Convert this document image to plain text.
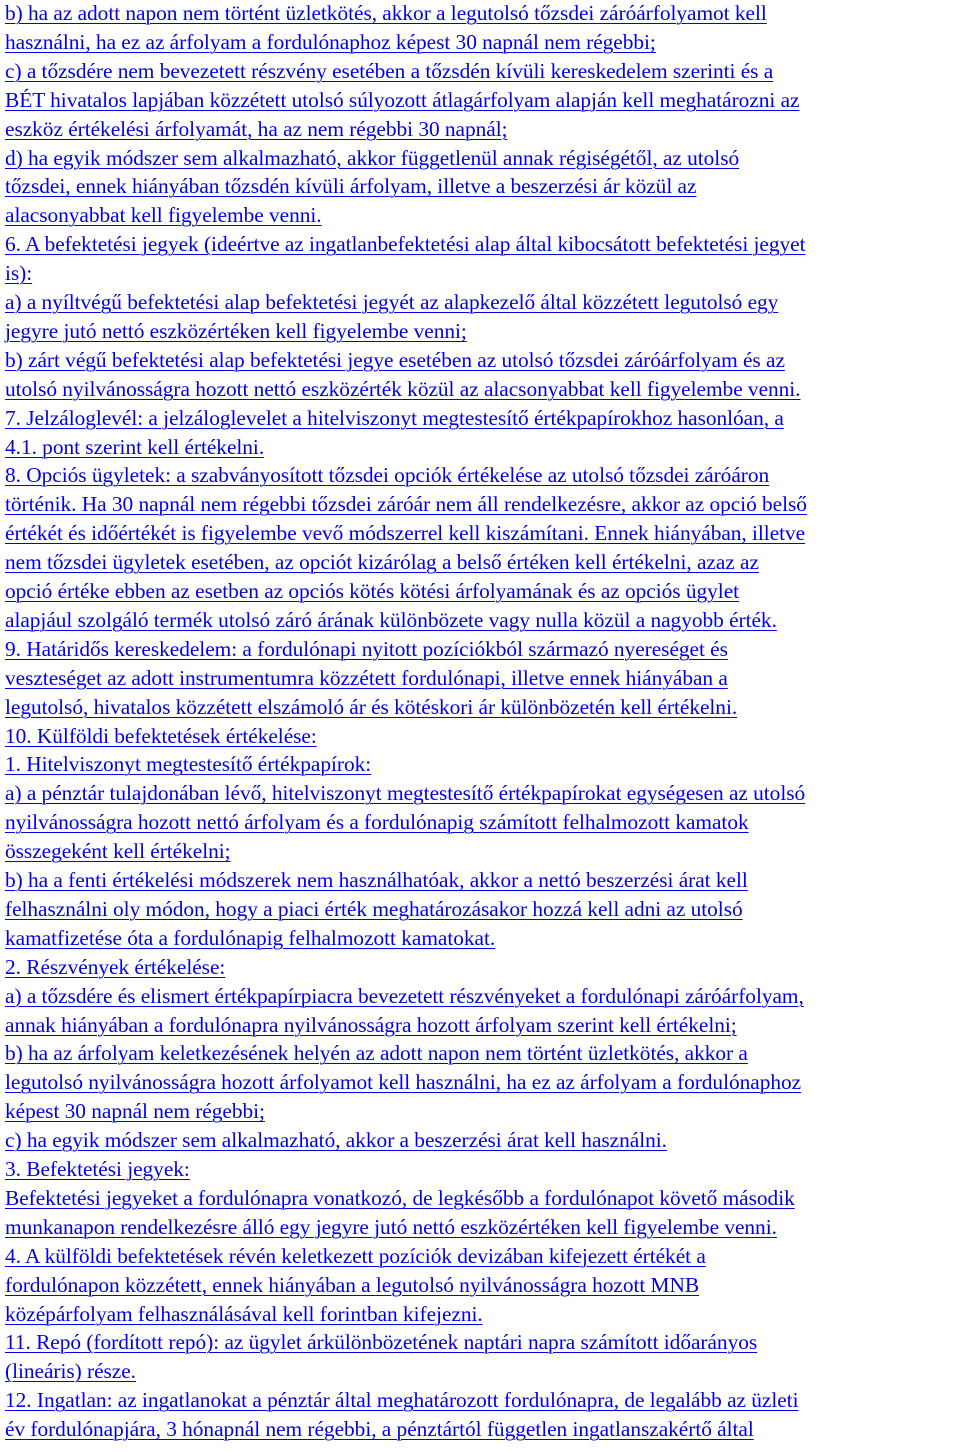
b) ha az adott napon nem történt üzletkötés, akkor a legutolsó tőzsdei záróárfolyamot kell
használni, ha ez az árfolyam a fordulónaphoz képest 30 napnál nem régebbi;
c) a tőzsdére nem bevezetett részvény esetében a tőzsdén kívüli kereskedelem szerinti és a
BÉT hivatalos lapjában közzétett utolsó súlyozott átlagárfolyam alapján kell meghatározni az
eszköz értékelési árfolyamát, ha az nem régebbi 30 napnál;
d) ha egyik módszer sem alkalmazható, akkor függetlenül annak régiségétől, az utolsó
tőzsdei, ennek hiányában tőzsdén kívüli árfolyam, illetve a beszerzési ár közül az
alacsonyabbat kell figyelembe venni.
6. A befektetési jegyek (ideértve az ingatlanbefektetési alap által kibocsátott befektetési jegyet
is):
a) a nyíltvégű befektetési alap befektetési jegyét az alapkezelő által közzétett legutolsó egy
jegyre jutó nettó eszközértéken kell figyelembe venni;
b) zárt végű befektetési alap befektetési jegye esetében az utolsó tőzsdei záróárfolyam és az
utolsó nyilvánosságra hozott nettó eszközérték közül az alacsonyabbat kell figyelembe venni.
7. Jelzáloglevél: a jelzáloglevelet a hitelviszonyt megtestesítő értékpapírokhoz hasonlóan, a
4.1. pont szerint kell értékelni.
8. Opciós ügyletek: a szabványosított tőzsdei opciók értékelése az utolsó tőzsdei záróáron
történik. Ha 30 napnál nem régebbi tőzsdei záróár nem áll rendelkezésre, akkor az opció belső
értékét és időértékét is figyelembe vevő módszerrel kell kiszámítani. Ennek hiányában, illetve
nem tőzsdei ügyletek esetében, az opciót kizárólag a belső értéken kell értékelni, azaz az
opció értéke ebben az esetben az opciós kötés kötési árfolyamának és az opciós ügylet
alapjául szolgáló termék utolsó záró árának különbözete vagy nulla közül a nagyobb érték.
9. Határidős kereskedelem: a fordulónapi nyitott pozíciókból származó nyereséget és
veszteséget az adott instrumentumra közzétett fordulónapi, illetve ennek hiányában a
legutolsó, hivatalos közzétett elszámoló ár és kötéskori ár különbözetén kell értékelni.
10. Külföldi befektetések értékelése:
1. Hitelviszonyt megtestesítő értékpapírok:
a) a pénztár tulajdonában lévő, hitelviszonyt megtestesítő értékpapírokat egységesen az utolsó
nyilvánosságra hozott nettó árfolyam és a fordulónapig számított felhalmozott kamatok
összegeként kell értékelni;
b) ha a fenti értékelési módszerek nem használhatóak, akkor a nettó beszerzési árat kell
felhasználni oly módon, hogy a piaci érték meghatározásakor hozzá kell adni az utolsó
kamatfizetése óta a fordulónapig felhalmozott kamatokat.
2. Részvények értékelése:
a) a tőzsdére és elismert értékpapírpiacra bevezetett részvényeket a fordulónapi záróárfolyam,
annak hiányában a fordulónapra nyilvánosságra hozott árfolyam szerint kell értékelni;
b) ha az árfolyam keletkezésének helyén az adott napon nem történt üzletkötés, akkor a
legutolsó nyilvánosságra hozott árfolyamot kell használni, ha ez az árfolyam a fordulónaphoz
képest 30 napnál nem régebbi;
c) ha egyik módszer sem alkalmazható, akkor a beszerzési árat kell használni.
3. Befektetési jegyek:
Befektetési jegyeket a fordulónapra vonatkozó, de legkésőbb a fordulónapot követő második
munkanapon rendelkezésre álló egy jegyre jutó nettó eszközértéken kell figyelembe venni.
4. A külföldi befektetések révén keletkezett pozíciók devizában kifejezett értékét a
fordulónapon közzétett, ennek hiányában a legutolsó nyilvánosságra hozott MNB
középárfolyam felhasználásával kell forintban kifejezni.
11. Repó (fordított repó): az ügylet árkülönbözetének naptári napra számított időarányos
(lineáris) része.
12. Ingatlan: az ingatlanokat a pénztár által meghatározott fordulónapra, de legalább az üzleti
év fordulónapjára, 3 hónapnál nem régebbi, a pénztártól független ingatlanszakértő által
